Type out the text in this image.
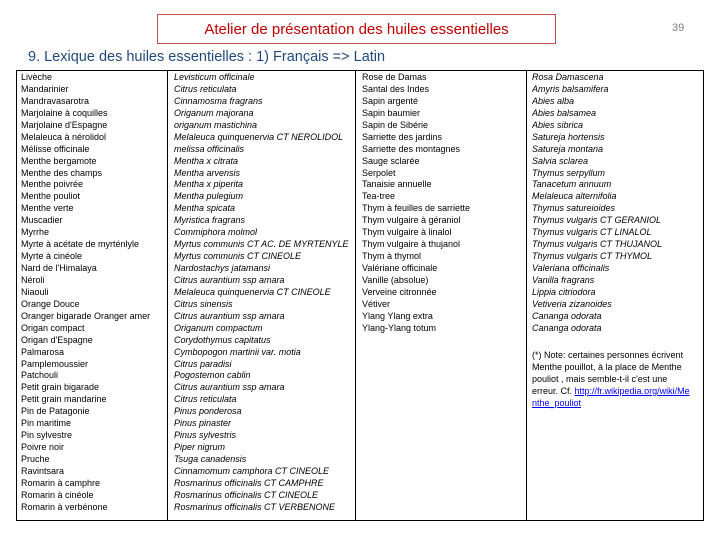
Atelier de présentation des huiles essentielles	39
9. Lexique des huiles essentielles : 1) Français => Latin
Livèche
Mandarinier
Mandravasarotra
Marjolaine à coquilles
Marjolaine d'Espagne
Melaleuca à nérolidol
Mélisse officinale
Menthe bergamote
Menthe des champs
Menthe poivrée
Menthe pouliot
Menthe verte
Muscadier
Myrrhe
Myrte à acétate de myrténlyle
Myrte à cinéole
Nard de l'Himalaya
Néroli
Niaouli
Orange Douce
Oranger bigarade Oranger amer
Origan compact
Origan d'Espagne
Palmarosa
Pamplemoussier
Patchouli
Petit grain bigarade
Petit grain mandarine
Pin de Patagonie
Pin maritime
Pin sylvestre
Poivre noir
Pruche
Ravintsara
Romarin à camphre
Romarin à cinéole
Romarin à verbénone
Levisticum officinale
Citrus reticulata
Cinnamosma fragrans
Origanum majorana
origanum mastichina
Melaleuca quinquenervia CT NEROLIDOL
melissa officinalis
Mentha x citrata
Mentha arvensis
Mentha x piperita
Mentha pulegium
Mentha spicata
Myristica fragrans
Commiphora molmol
Myrtus communis CT AC. DE MYRTENYLE
Myrtus communis CT CINEOLE
Nardostachys jatamansi
Citrus aurantium ssp amara
Melaleuca quinquenervia CT CINEOLE
Citrus sinensis
Citrus aurantium ssp amara
Origanum compactum
Corydothymus capitatus
Cymbopogon martinii var. motia
Citrus paradisi
Pogostemon cablin
Citrus aurantium ssp amara
Citrus reticulata
Pinus ponderosa
Pinus pinaster
Pinus sylvestris
Piper nigrum
Tsuga canadensis
Cinnamomum camphora CT CINEOLE
Rosmarinus officinalis CT CAMPHRE
Rosmarinus officinalis CT CINEOLE
Rosmarinus officinalis CT VERBENONE
Rose de Damas
Santal des Indes
Sapin argenté
Sapin baumier
Sapin de Sibérie
Sarriette des jardins
Sarriette des montagnes
Sauge sclarée
Serpolet
Tanaisie annuelle
Tea-tree
Thym à feuilles de sarriette
Thym vulgaire à géraniol
Thym vulgaire à linalol
Thym vulgaire à thujanol
Thym à thymol
Valériane officinale
Vanille (absolue)
Verveine citronnée
Vétiver
Ylang Ylang extra
Ylang-Ylang totum
Rosa Damascena
Amyris balsamifera
Abies alba
Abies balsamea
Abies sibrica
Satureja hortensis
Satureja montana
Salvia sclarea
Thymus serpyllum
Tanacetum annuum
Melaleuca alternifolia
Thymus satureioides
Thymus vulgaris CT GERANIOL
Thymus vulgaris CT LINALOL
Thymus vulgaris CT THUJANOL
Thymus vulgaris CT THYMOL
Valeriana officinalis
Vanilla fragrans
Lippia citriodora
Vetiveria zizanoides
Cananga odorata
Cananga odorata
(*) Note: certaines personnes écrivent Menthe pouillot, à la place de Menthe pouliot , mais semble-t-il c'est une erreur. Cf. http://fr.wikipedia.org/wiki/Menthe_pouliot
